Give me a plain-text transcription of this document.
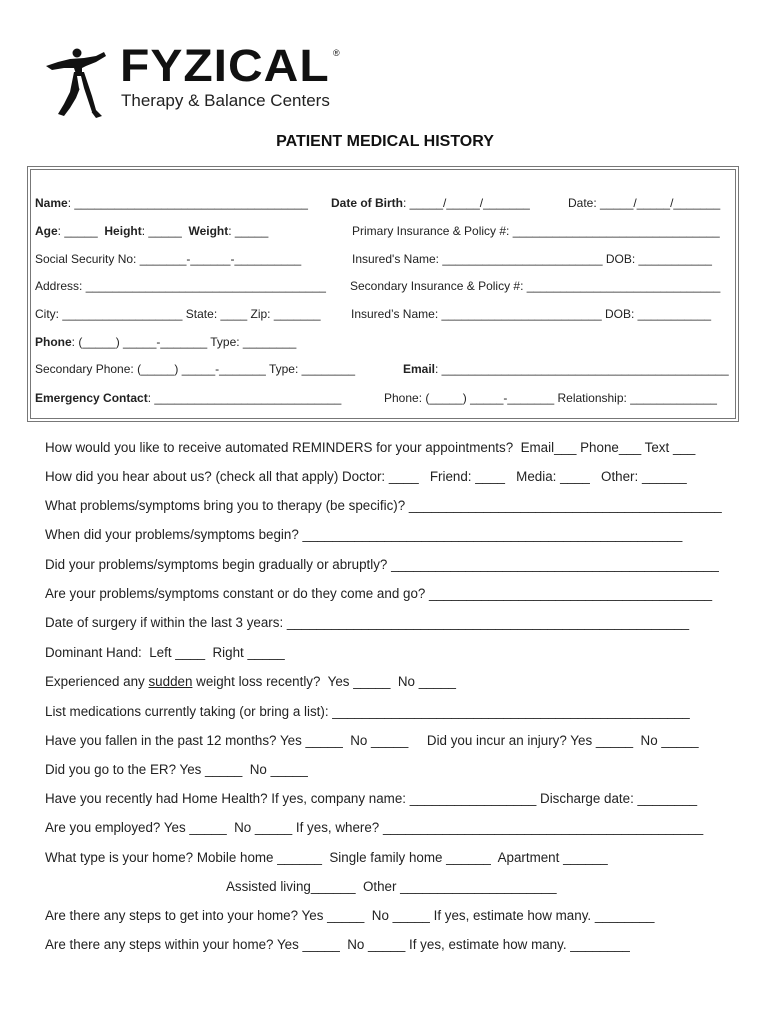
FYZICAL ®
Therapy & Balance Centers
PATIENT MEDICAL HISTORY
Name: ___________________________________ Date of Birth: _____/_____/_______	Date: _____/_____/_______
Age: _____ Height: _____ Weight: _____	Primary Insurance & Policy #: _______________________________
Social Security No: _______-______-__________	Insured's Name: ________________________ DOB: ___________
Address: ____________________________________ Secondary Insurance & Policy #: _____________________________
City: __________________ State: ____ Zip: _______	Insured’s Name: ________________________ DOB: ___________
Phone: (_____) _____-_______ Type: ________
Secondary Phone: (_____) _____-_______ Type: ________	Email: ___________________________________________
Emergency Contact: ____________________________	Phone: (_____) _____-_______ Relationship: _____________
How would you like to receive automated REMINDERS for your appointments?  Email___ Phone___ Text ___
How did you hear about us? (check all that apply) Doctor: ____   Friend: ____   Media: ____   Other: ______
What problems/symptoms bring you to therapy (be specific)? __________________________________________
When did your problems/symptoms begin? ___________________________________________________
Did your problems/symptoms begin gradually or abruptly? ____________________________________________
Are your problems/symptoms constant or do they come and go? ______________________________________
Date of surgery if within the last 3 years: ______________________________________________________
Dominant Hand:  Left ____  Right _____
Experienced any sudden weight loss recently?  Yes _____  No _____
List medications currently taking (or bring a list): ________________________________________________
Have you fallen in the past 12 months? Yes _____  No _____     Did you incur an injury? Yes _____  No _____
Did you go to the ER? Yes _____  No _____
Have you recently had Home Health? If yes, company name: _________________ Discharge date: ________
Are you employed? Yes _____  No _____ If yes, where? ___________________________________________
What type is your home? Mobile home ______  Single family home ______  Apartment ______
Assisted living______  Other _____________________
Are there any steps to get into your home? Yes _____  No _____ If yes, estimate how many. ________
Are there any steps within your home? Yes _____  No _____ If yes, estimate how many. ________
